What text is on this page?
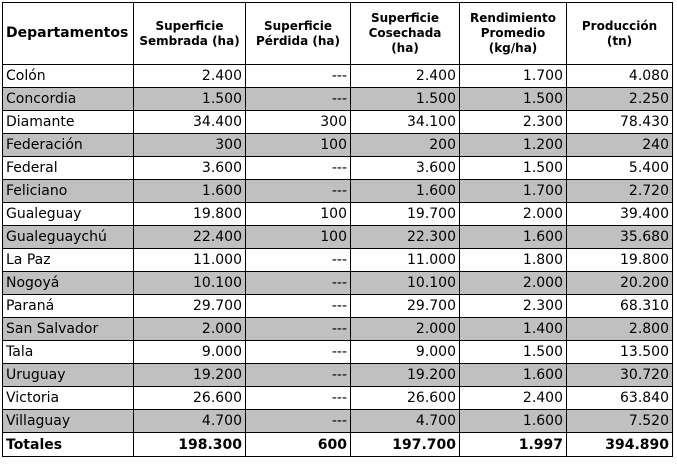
Departamentos	Superficie Sembrada (ha)	Superficie Pérdida (ha)	Superficie Cosechada (ha)	Rendimiento Promedio (kg/ha)	Producción (tn)
Colón	2.400	---	2.400	1.700	4.080
Concordia	1.500	---	1.500	1.500	2.250
Diamante	34.400	300	34.100	2.300	78.430
Federación	300	100	200	1.200	240
Federal	3.600	---	3.600	1.500	5.400
Feliciano	1.600	---	1.600	1.700	2.720
Gualeguay	19.800	100	19.700	2.000	39.400
Gualeguaychú	22.400	100	22.300	1.600	35.680
La Paz	11.000	---	11.000	1.800	19.800
Nogoyá	10.100	---	10.100	2.000	20.200
Paraná	29.700	---	29.700	2.300	68.310
San Salvador	2.000	---	2.000	1.400	2.800
Tala	9.000	---	9.000	1.500	13.500
Uruguay	19.200	---	19.200	1.600	30.720
Victoria	26.600	---	26.600	2.400	63.840
Villaguay	4.700	---	4.700	1.600	7.520
Totales	198.300	600	197.700	1.997	394.890
